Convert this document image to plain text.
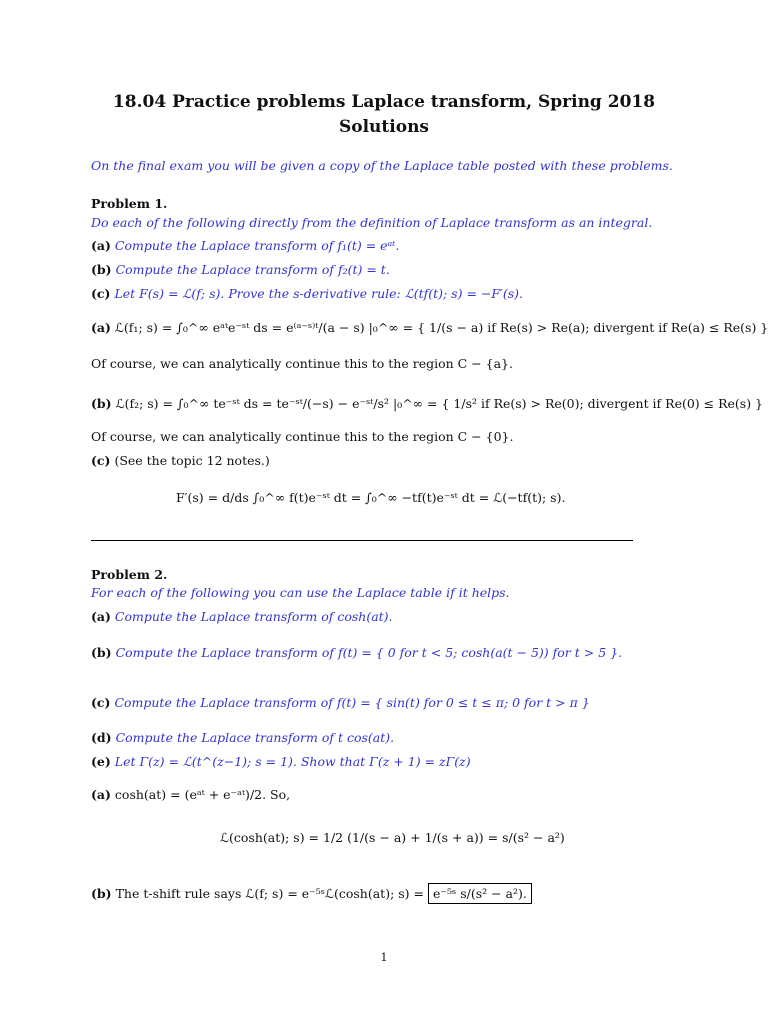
18.04 Practice problems Laplace transform, Spring 2018
Solutions
On the final exam you will be given a copy of the Laplace table posted with these problems.
Problem 1.
Do each of the following directly from the definition of Laplace transform as an integral.
(a) Compute the Laplace transform of f₁(t) = eᵃᵗ.
(b) Compute the Laplace transform of f₂(t) = t.
(c) Let F(s) = ℒ(f; s). Prove the s-derivative rule: ℒ(tf(t); s) = −F′(s).
(a) ℒ(f₁; s) = ∫₀^∞ eᵃᵗe⁻ˢᵗ ds = e⁽ᵃ⁻ˢ⁾ᵗ/(a − s) |₀^∞ = { 1/(s − a) if Re(s) > Re(a); divergent if Re(a) ≤ Re(s) }
Of course, we can analytically continue this to the region C − {a}.
(b) ℒ(f₂; s) = ∫₀^∞ te⁻ˢᵗ ds = te⁻ˢᵗ/(−s) − e⁻ˢᵗ/s² |₀^∞ = { 1/s² if Re(s) > Re(0); divergent if Re(0) ≤ Re(s) }
Of course, we can analytically continue this to the region C − {0}.
(c) (See the topic 12 notes.)
F′(s) = d/ds ∫₀^∞ f(t)e⁻ˢᵗ dt = ∫₀^∞ −tf(t)e⁻ˢᵗ dt = ℒ(−tf(t); s).
Problem 2.
For each of the following you can use the Laplace table if it helps.
(a) Compute the Laplace transform of cosh(at).
(b) Compute the Laplace transform of f(t) = { 0 for t < 5; cosh(a(t − 5)) for t > 5 }.
(c) Compute the Laplace transform of f(t) = { sin(t) for 0 ≤ t ≤ π; 0 for t > π }
(d) Compute the Laplace transform of t cos(at).
(e) Let Γ(z) = ℒ(t^(z−1); s = 1). Show that Γ(z + 1) = zΓ(z)
(a) cosh(at) = (eᵃᵗ + e⁻ᵃᵗ)/2. So,
ℒ(cosh(at); s) = 1/2 (1/(s − a) + 1/(s + a)) = s/(s² − a²)
(b) The t-shift rule says ℒ(f; s) = e⁻⁵ˢℒ(cosh(at); s) = e⁻⁵ˢ s/(s² − a²).
1
